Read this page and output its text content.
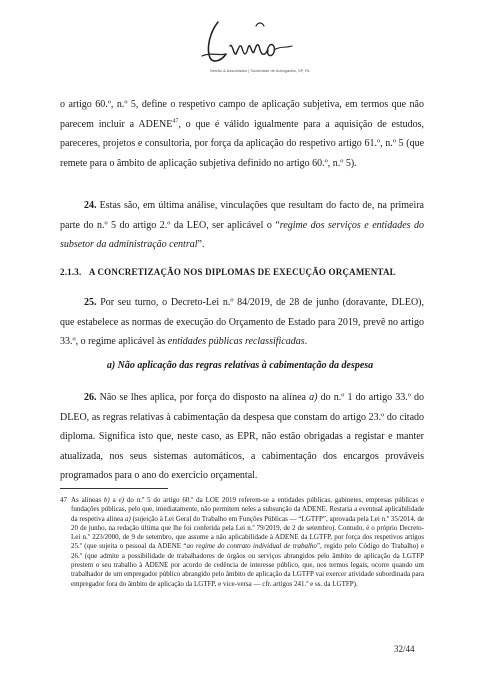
Serrão & Associados | Sociedade de Advogados, SP, RL

o artigo 60.º, n.º 5, define o respetivo campo de aplicação subjetiva, em termos que não parecem incluir a ADENE$^{47}$, o que é válido igualmente para a aquisição de estudos, pareceres, projetos e consultoria, por força da aplicação do respetivo artigo 61.º, n.º 5 (que remete para o âmbito de aplicação subjetiva definido no artigo 60.º, n.º 5).

24. Estas são, em última análise, vinculações que resultam do facto de, na primeira parte do n.º 5 do artigo 2.º da LEO, ser aplicável o “regime dos serviços e entidades do subsetor da administração central”.

2.1.3. A CONCRETIZAÇÃO NOS DIPLOMAS DE EXECUÇÃO ORÇAMENTAL

25. Por seu turno, o Decreto-Lei n.º 84/2019, de 28 de junho (doravante, DLEO), que estabelece as normas de execução do Orçamento de Estado para 2019, prevê no artigo 33.º, o regime aplicável às entidades públicas reclassificadas.

a) Não aplicação das regras relativas à cabimentação da despesa

26. Não se lhes aplica, por força do disposto na alínea a) do n.º 1 do artigo 33.º do DLEO, as regras relativas à cabimentação da despesa que constam do artigo 23.º do citado diploma. Significa isto que, neste caso, as EPR, não estão obrigadas a registar e manter atualizada, nos seus sistemas automáticos, a cabimentação dos encargos prováveis programados para o ano do exercício orçamental.

47 As alíneas b) a e) do n.º 5 do artigo 60.º da LOE 2019 referem-se a entidades públicas, gabinetes, empresas públicas e fundações públicas, pelo que, imediatamente, não permitem neles a subsunção da ADENE. Restaria a eventual aplicabilidade da respetiva alínea a) (sujeição à Lei Geral do Trabalho em Funções Públicas — “LGTFP”, aprovada pela Lei n.º 35/2014, de 20 de junho, na redação última que lhe foi conferida pela Lei n.º 79/2019, de 2 de setembro). Contudo, é o próprio Decreto-Lei n.º 223/2000, de 9 de setembro, que assume a não aplicabilidade à ADENE da LGTFP, por força dos respetivos artigos 25.º (que sujeita o pessoal da ADENE “ao regime do contrato individual de trabalho”, regido pelo Código do Trabalho) e 26.º (que admite a possibilidade de trabalhadores de órgãos ou serviços abrangidos pelo âmbito de aplicação da LGTFP prestem o seu trabalho à ADENE por acordo de cedência de interesse público, que, nos termos legais, ocorre quando um trabalhador de um empregador público abrangido pelo âmbito de aplicação da LGTFP vai exercer atividade subordinada para empregador fora do âmbito de aplicação da LGTFP, e vice-versa — cfr. artigos 241.º e ss. da LGTFP).
32/44
